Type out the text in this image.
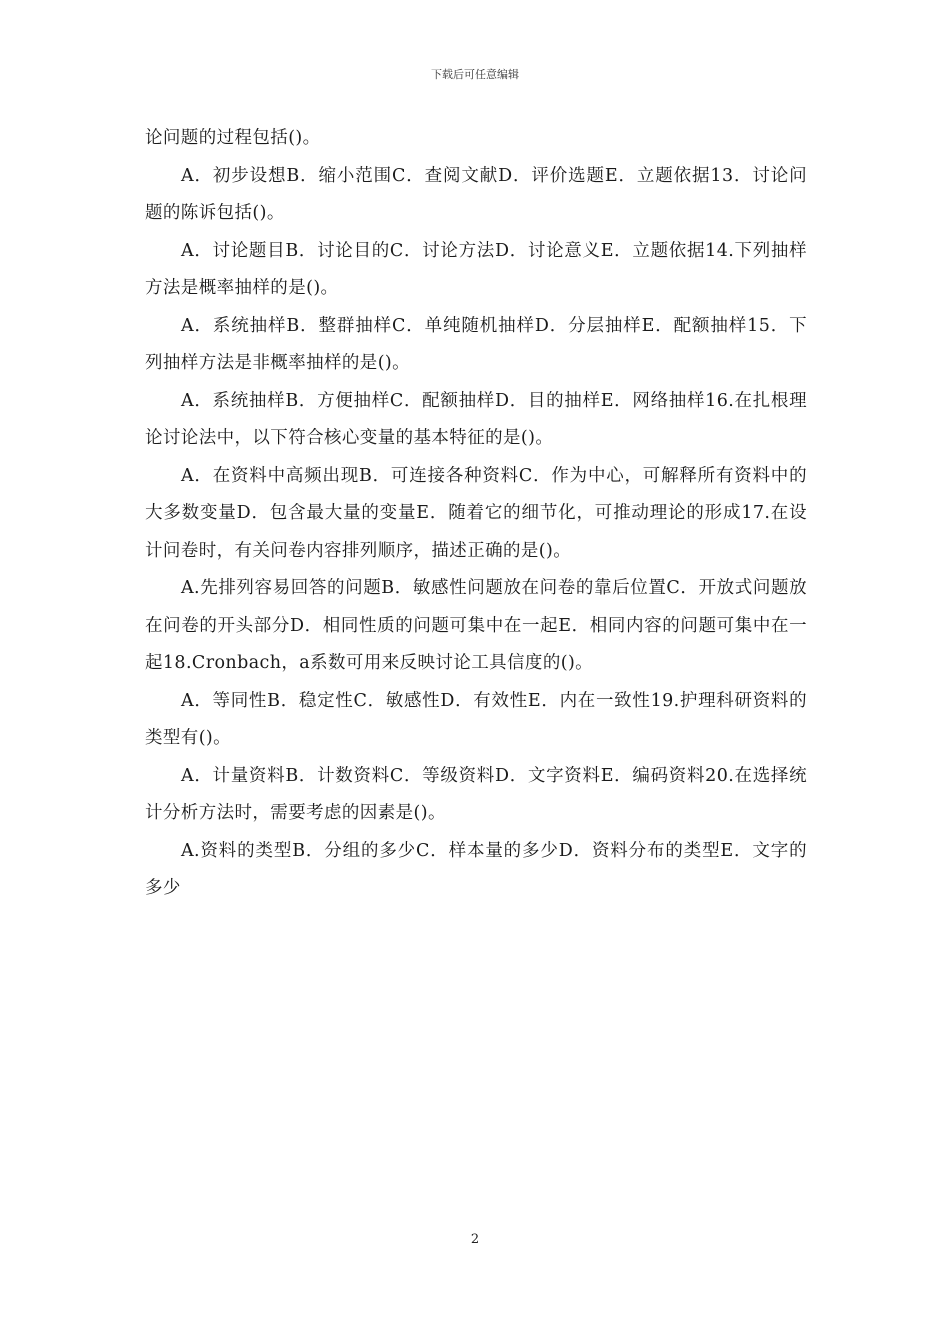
下载后可任意编辑

论问题的过程包括()。

A．初步设想B．缩小范围C．查阅文献D．评价选题E．立题依据13．讨论问题的陈诉包括()。

A．讨论题目B．讨论目的C．讨论方法D．讨论意义E．立题依据14.下列抽样方法是概率抽样的是()。

A．系统抽样B．整群抽样C．单纯随机抽样D．分层抽样E．配额抽样15．下列抽样方法是非概率抽样的是()。

A．系统抽样B．方便抽样C．配额抽样D．目的抽样E．网络抽样16.在扎根理论讨论法中，以下符合核心变量的基本特征的是()。

A．在资料中高频出现B．可连接各种资料C．作为中心，可解释所有资料中的大多数变量D．包含最大量的变量E．随着它的细节化，可推动理论的形成17.在设计问卷时，有关问卷内容排列顺序，描述正确的是()。

A.先排列容易回答的问题B．敏感性问题放在问卷的靠后位置C．开放式问题放在问卷的开头部分D．相同性质的问题可集中在一起E．相同内容的问题可集中在一起18.Cronbach，a系数可用来反映讨论工具信度的()。

A．等同性B．稳定性C．敏感性D．有效性E．内在一致性19.护理科研资料的类型有()。

A．计量资料B．计数资料C．等级资料D．文字资料E．编码资料20.在选择统计分析方法时，需要考虑的因素是()。

A.资料的类型B．分组的多少C．样本量的多少D．资料分布的类型E．文字的多少

2
